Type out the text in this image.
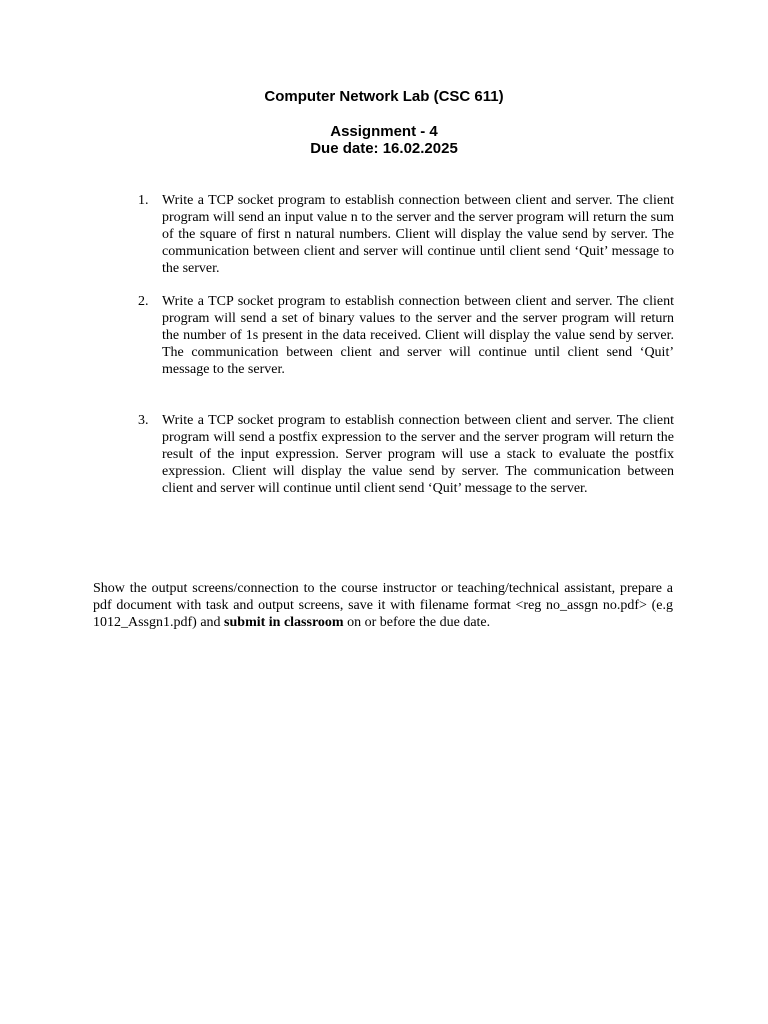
Computer Network Lab (CSC 611)
Assignment - 4
Due date: 16.02.2025
1. Write a TCP socket program to establish connection between client and server. The client program will send an input value n to the server and the server program will return the sum of the square of first n natural numbers. Client will display the value send by server. The communication between client and server will continue until client send ‘Quit’ message to the server.

2. Write a TCP socket program to establish connection between client and server. The client program will send a set of binary values to the server and the server program will return the number of 1s present in the data received. Client will display the value send by server. The communication between client and server will continue until client send ‘Quit’ message to the server.

3. Write a TCP socket program to establish connection between client and server. The client program will send a postfix expression to the server and the server program will return the result of the input expression. Server program will use a stack to evaluate the postfix expression. Client will display the value send by server. The communication between client and server will continue until client send ‘Quit’ message to the server.

Show the output screens/connection to the course instructor or teaching/technical assistant, prepare a pdf document with task and output screens, save it with filename format <reg no_assgn no.pdf> (e.g 1012_Assgn1.pdf) and submit in classroom on or before the due date.
